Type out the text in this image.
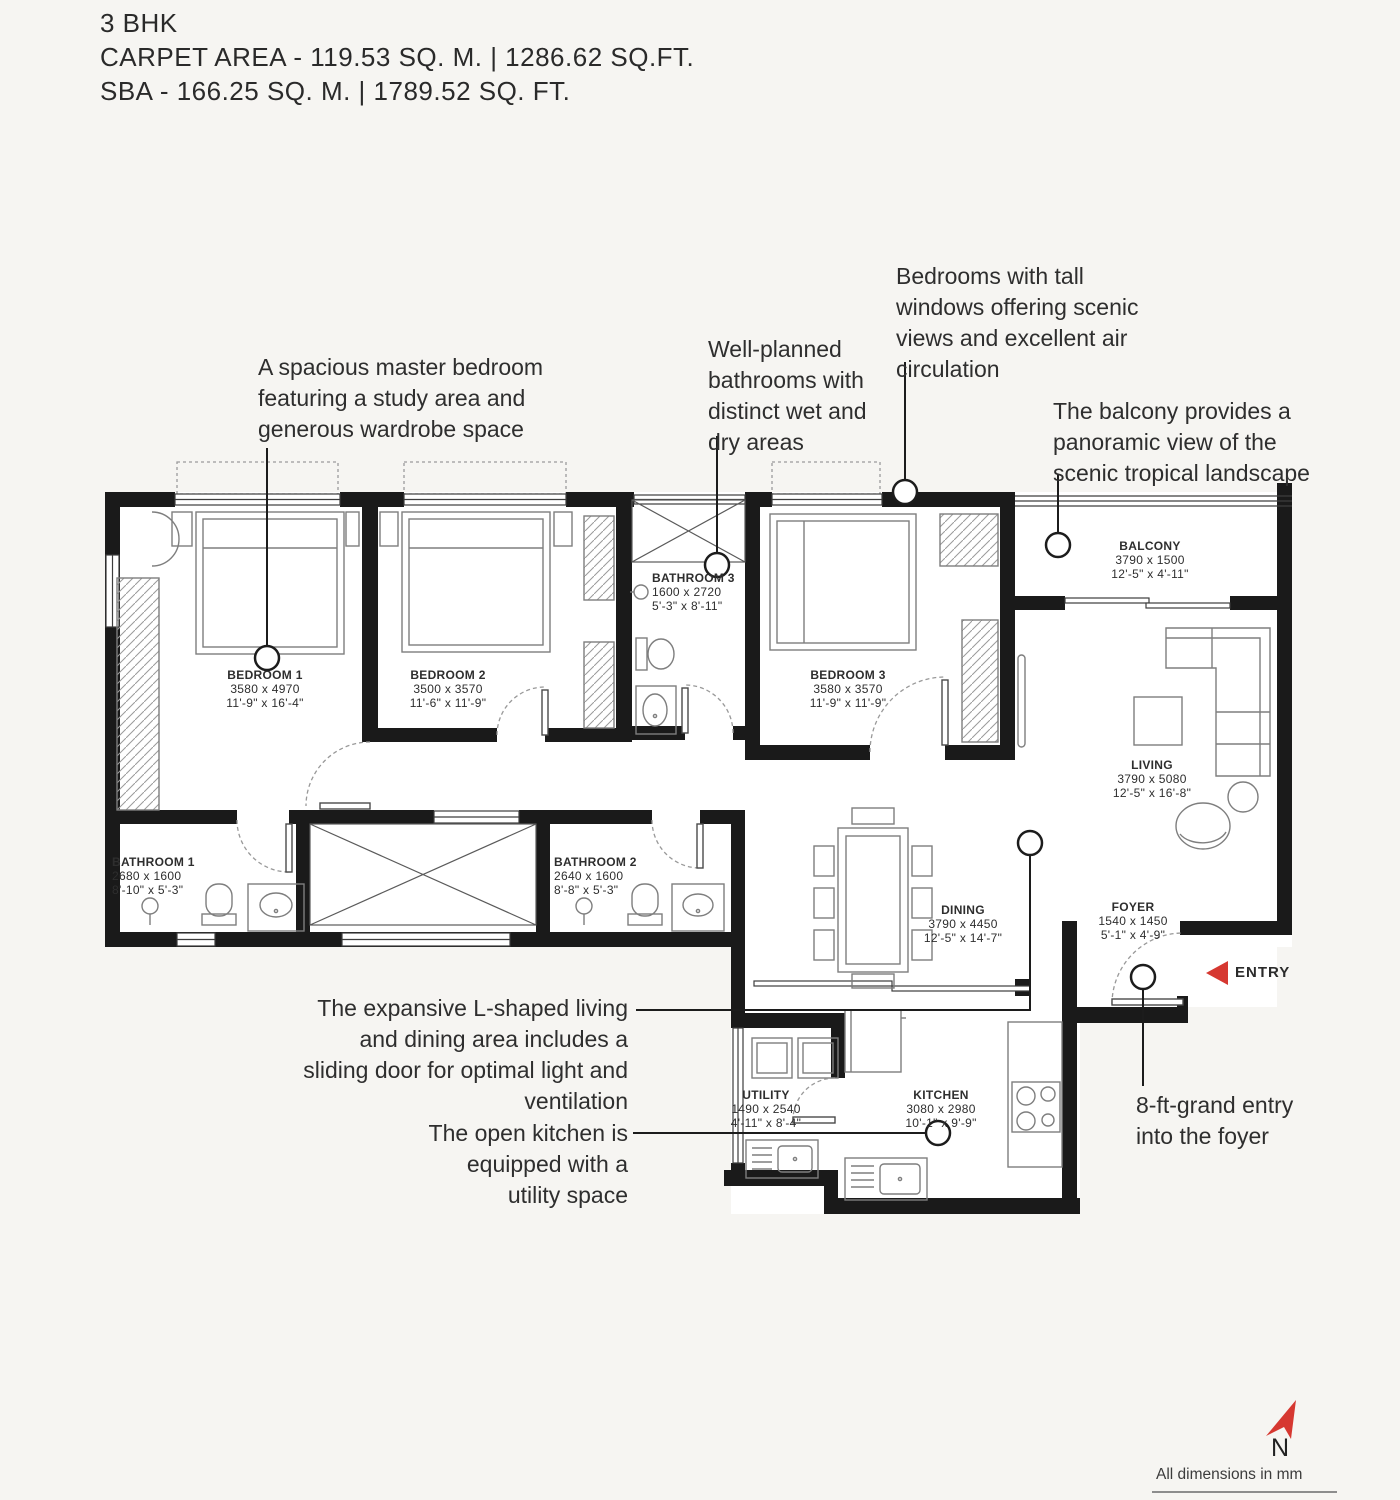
3 BHK
CARPET AREA - 119.53 SQ. M. | 1286.62 SQ.FT.
SBA - 166.25 SQ. M. | 1789.52 SQ. FT.
A spacious master bedroom featuring a study area and generous wardrobe space
Well-planned bathrooms with distinct wet and dry areas
Bedrooms with tall windows offering scenic views and excellent air circulation
The balcony provides a panoramic view of the scenic tropical landscape
The expansive L-shaped living and dining area includes a sliding door for optimal light and ventilation
The open kitchen is equipped with a utility space
8-ft-grand entry into the foyer
BEDROOM 1
3580 x 4970
11'-9" x 16'-4"
BEDROOM 2
3500 x 3570
11'-6" x 11'-9"
BEDROOM 3
3580 x 3570
11'-9" x 11'-9"
BATHROOM 1
2680 x 1600
8'-10" x 5'-3"
BATHROOM 2
2640 x 1600
8'-8" x 5'-3"
BATHROOM 3
1600 x 2720
5'-3" x 8'-11"
BALCONY
3790 x 1500
12'-5" x 4'-11"
LIVING
3790 x 5080
12'-5" x 16'-8"
DINING
3790 x 4450
12'-5" x 14'-7"
FOYER
1540 x 1450
5'-1" x 4'-9"
UTILITY
1490 x 2540
4'-11" x 8'-4"
KITCHEN
3080 x 2980
10'-1" x 9'-9"
ENTRY
N
All dimensions in mm
